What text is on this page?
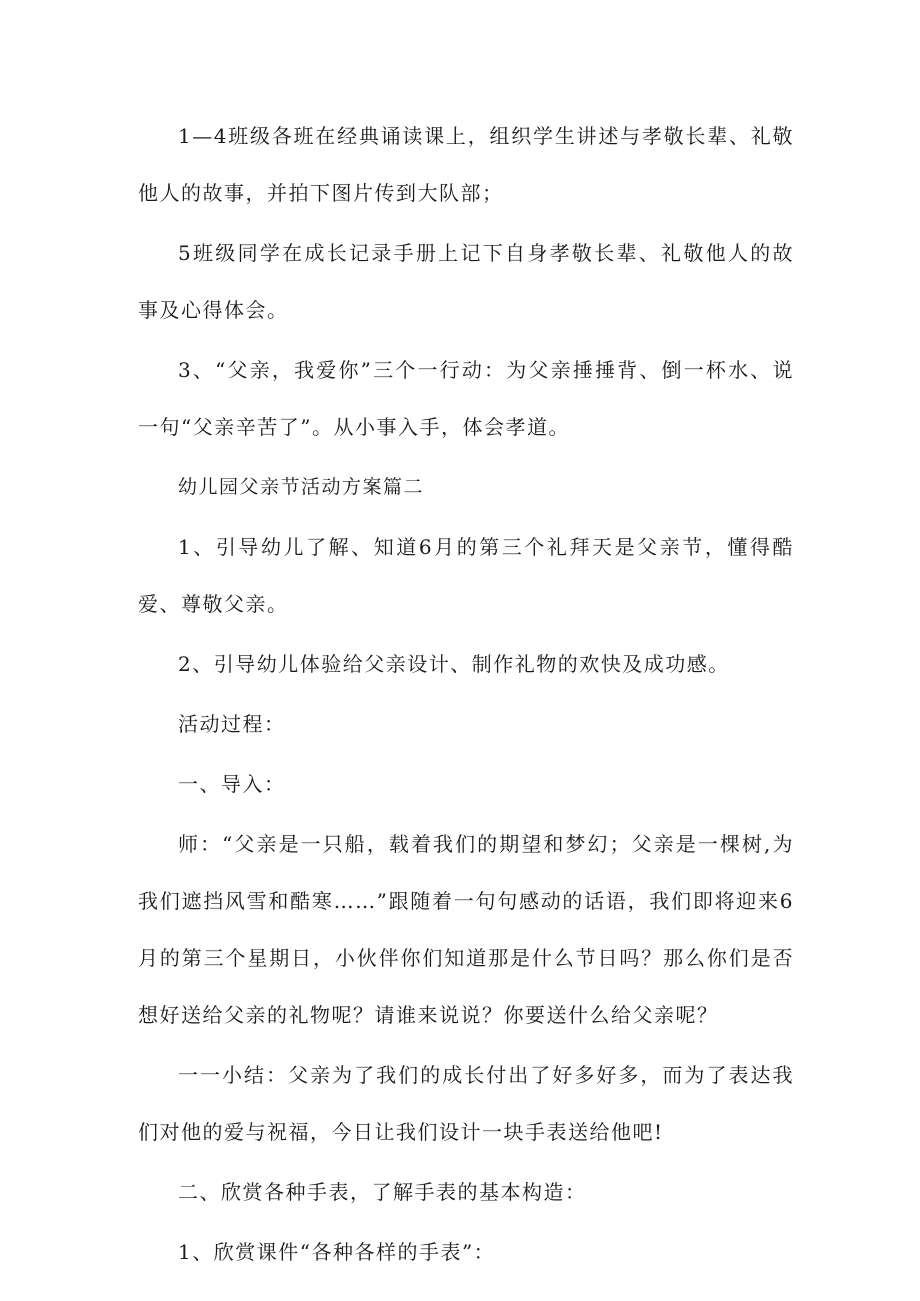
1—4班级各班在经典诵读课上，组织学生讲述与孝敬长辈、礼敬他人的故事，并拍下图片传到大队部；

5班级同学在成长记录手册上记下自身孝敬长辈、礼敬他人的故事及心得体会。

3、“父亲，我爱你”三个一行动：为父亲捶捶背、倒一杯水、说一句“父亲辛苦了”。从小事入手，体会孝道。

幼儿园父亲节活动方案篇二

1、引导幼儿了解、知道6月的第三个礼拜天是父亲节，懂得酷爱、尊敬父亲。

2、引导幼儿体验给父亲设计、制作礼物的欢快及成功感。

活动过程：

一、导入：

师：“父亲是一只船，载着我们的期望和梦幻；父亲是一棵树,为我们遮挡风雪和酷寒……”跟随着一句句感动的话语，我们即将迎来6月的第三个星期日，小伙伴你们知道那是什么节日吗？那么你们是否想好送给父亲的礼物呢？请谁来说说？你要送什么给父亲呢？

一一小结：父亲为了我们的成长付出了好多好多，而为了表达我们对他的爱与祝福，今日让我们设计一块手表送给他吧!

二、欣赏各种手表，了解手表的基本构造：

1、欣赏课件“各种各样的手表”：
